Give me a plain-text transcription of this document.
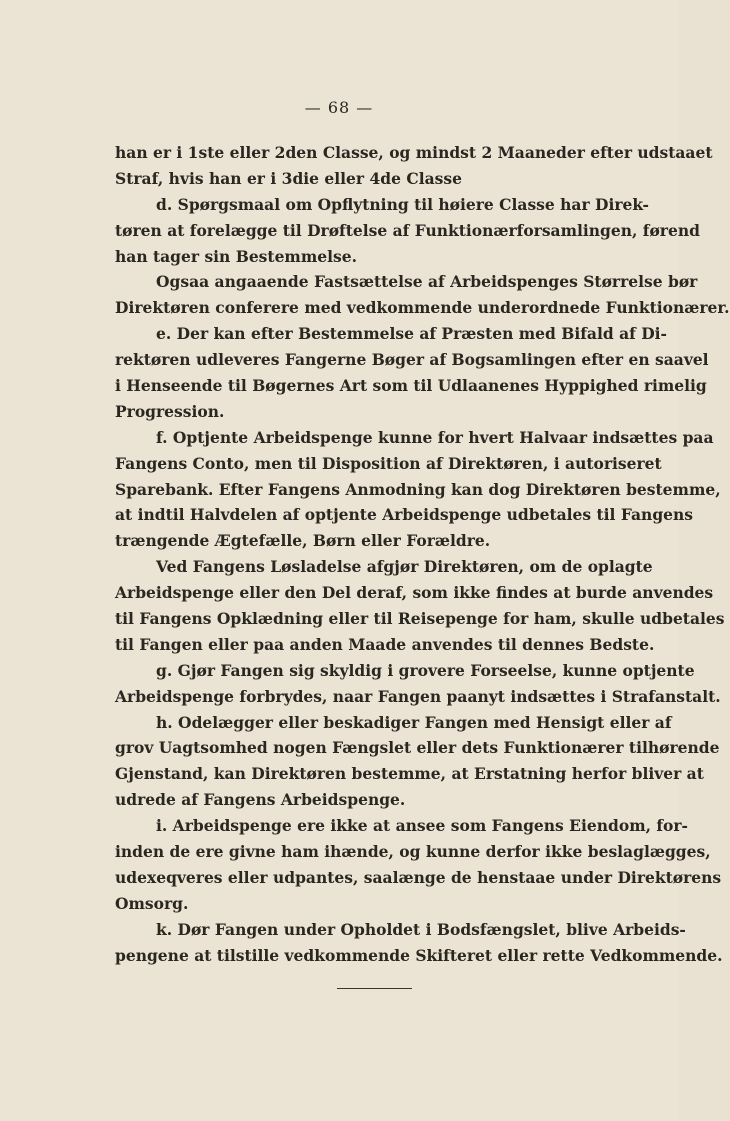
— 68 —
han er i 1ste eller 2den Classe, og mindst 2 Maaneder efter udstaaet
Straf, hvis han er i 3die eller 4de Classe
d. Spørgsmaal om Opflytning til høiere Classe har Direk-
tøren at forelægge til Drøftelse af Funktionærforsamlingen, førend
han tager sin Bestemmelse.
Ogsaa angaaende Fastsættelse af Arbeidspenges Størrelse bør
Direktøren conferere med vedkommende underordnede Funktionærer.
e. Der kan efter Bestemmelse af Præsten med Bifald af Di-
rektøren udleveres Fangerne Bøger af Bogsamlingen efter en saavel
i Henseende til Bøgernes Art som til Udlaanenes Hyppighed rimelig
Progression.
f. Optjente Arbeidspenge kunne for hvert Halvaar indsættes paa
Fangens Conto, men til Disposition af Direktøren, i autoriseret
Sparebank. Efter Fangens Anmodning kan dog Direktøren bestemme,
at indtil Halvdelen af optjente Arbeidspenge udbetales til Fangens
trængende Ægtefælle, Børn eller Forældre.
Ved Fangens Løsladelse afgjør Direktøren, om de oplagte
Arbeidspenge eller den Del deraf, som ikke findes at burde anvendes
til Fangens Opklædning eller til Reisepenge for ham, skulle udbetales
til Fangen eller paa anden Maade anvendes til dennes Bedste.
g. Gjør Fangen sig skyldig i grovere Forseelse, kunne optjente
Arbeidspenge forbrydes, naar Fangen paanyt indsættes i Strafanstalt.
h. Odelægger eller beskadiger Fangen med Hensigt eller af
grov Uagtsomhed nogen Fængslet eller dets Funktionærer tilhørende
Gjenstand, kan Direktøren bestemme, at Erstatning herfor bliver at
udrede af Fangens Arbeidspenge.
i. Arbeidspenge ere ikke at ansee som Fangens Eiendom, for-
inden de ere givne ham ihænde, og kunne derfor ikke beslaglægges,
udexeqveres eller udpantes, saalænge de henstaae under Direktørens
Omsorg.
k. Dør Fangen under Opholdet i Bodsfængslet, blive Arbeids-
pengene at tilstille vedkommende Skifteret eller rette Vedkommende.
